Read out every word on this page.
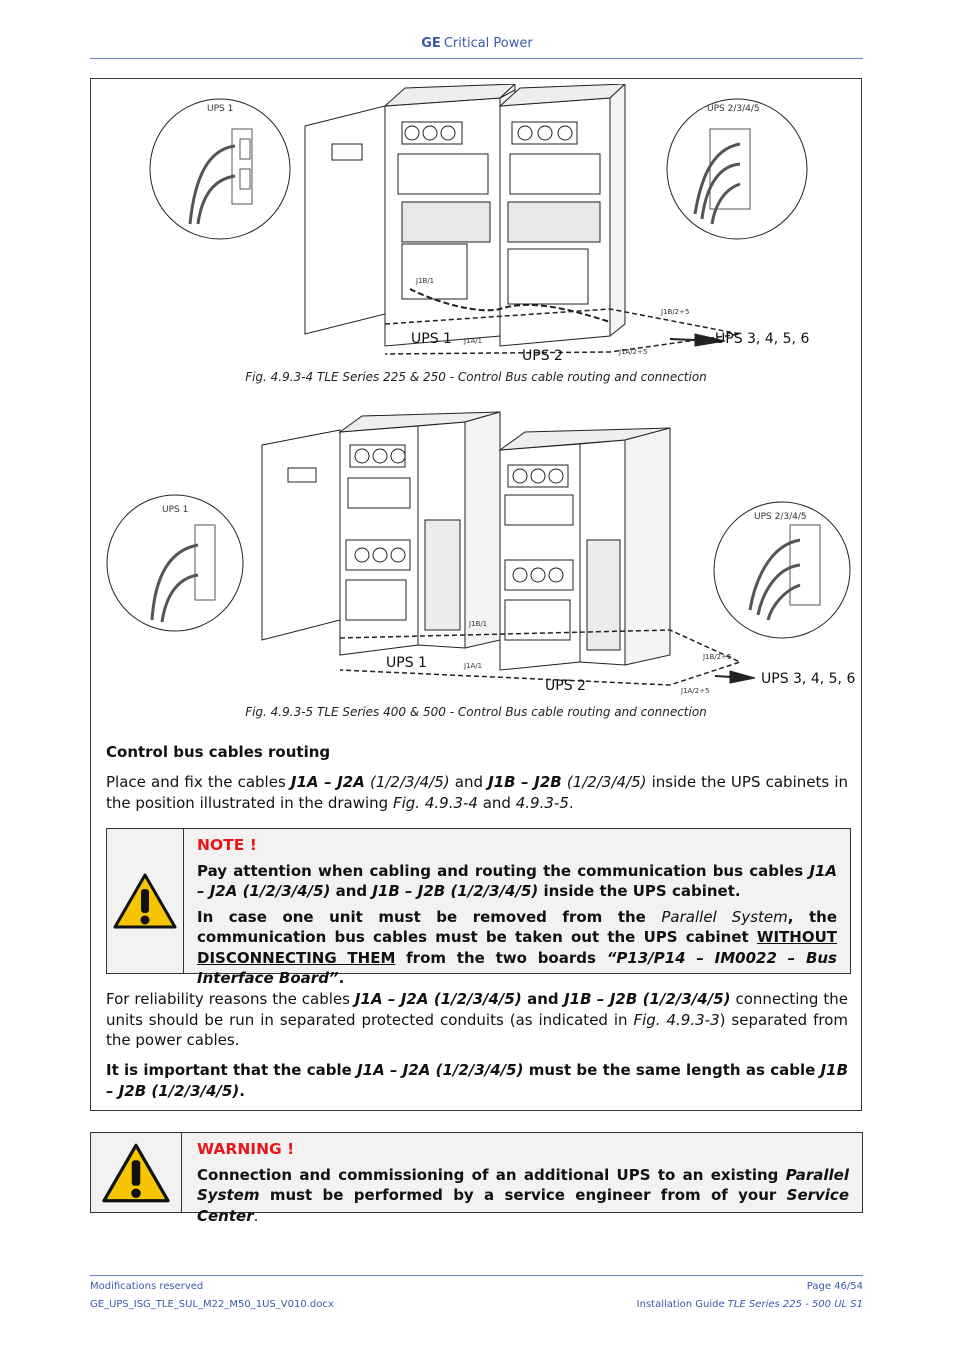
GE Critical Power
UPS 1	UPS 2/3/4/5
J1B/1
J1A/1
J1B/2÷5
J1A/2÷5
UPS 1
UPS 2
UPS 3, 4, 5, 6
Fig. 4.9.3-4 TLE Series 225 & 250 - Control Bus cable routing and connection
UPS 1
UPS 2/3/4/5
J1B/1
J1A/1
J1B/2÷5
J1A/2÷5
UPS 1
UPS 2	UPS 3, 4, 5, 6
Fig. 4.9.3-5 TLE Series 400 & 500 - Control Bus cable routing and connection
Control bus cables routing
Place and fix the cables J1A – J2A (1/2/3/4/5) and J1B – J2B (1/2/3/4/5) inside the UPS cabinets in the position illustrated in the drawing Fig. 4.9.3-4 and 4.9.3-5.
NOTE !
Pay attention when cabling and routing the communication bus cables J1A – J2A (1/2/3/4/5) and J1B – J2B (1/2/3/4/5) inside the UPS cabinet.
In case one unit must be removed from the Parallel System, the communication bus cables must be taken out the UPS cabinet WITHOUT DISCONNECTING THEM from the two boards “P13/P14 – IM0022 – Bus Interface Board”.
For reliability reasons the cables J1A – J2A (1/2/3/4/5) and J1B – J2B (1/2/3/4/5) connecting the units should be run in separated protected conduits (as indicated in Fig. 4.9.3-3) separated from the power cables.
It is important that the cable J1A – J2A (1/2/3/4/5) must be the same length as cable J1B – J2B (1/2/3/4/5).
WARNING !
Connection and commissioning of an additional UPS to an existing Parallel System must be performed by a service engineer from of your Service Center.
Modifications reserved
GE_UPS_ISG_TLE_SUL_M22_M50_1US_V010.docx
Page 46/54
Installation Guide TLE Series 225 - 500 UL S1
